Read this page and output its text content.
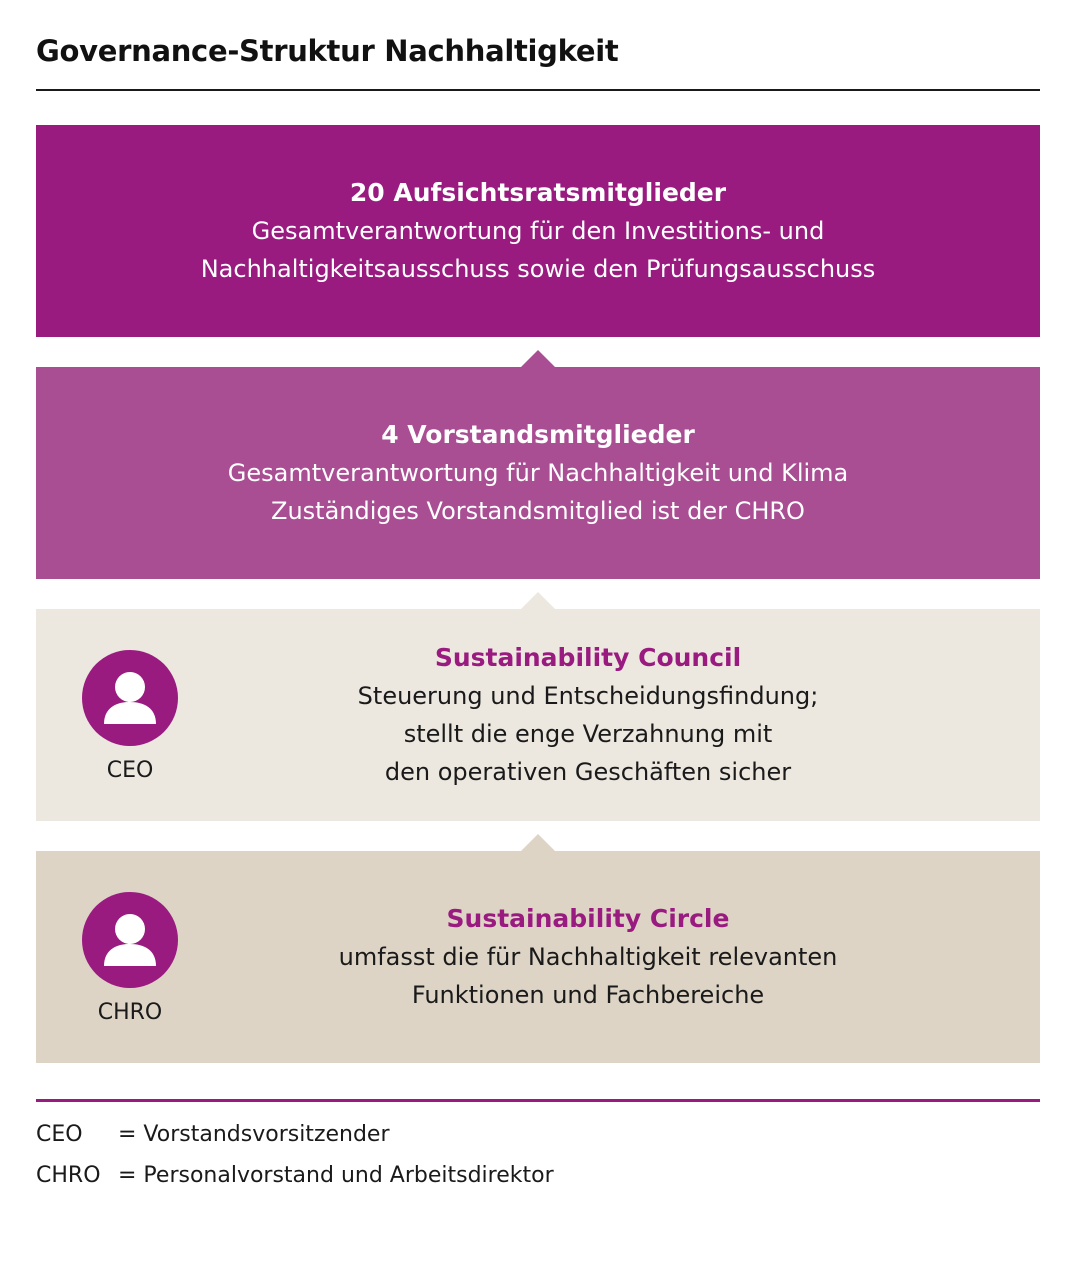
Governance-Struktur Nachhaltigkeit
20 Aufsichtsratsmitglieder
Gesamtverantwortung für den Investitions- und
Nachhaltigkeitsausschuss sowie den Prüfungsausschuss
4 Vorstandsmitglieder
Gesamtverantwortung für Nachhaltigkeit und Klima
Zuständiges Vorstandsmitglied ist der CHRO
CEO
Sustainability Council
Steuerung und Entscheidungsfindung;
stellt die enge Verzahnung mit
den operativen Geschäften sicher
CHRO
Sustainability Circle
umfasst die für Nachhaltigkeit relevanten
Funktionen und Fachbereiche
CEO	= Vorstandsvorsitzender
CHRO = Personalvorstand und Arbeitsdirektor
